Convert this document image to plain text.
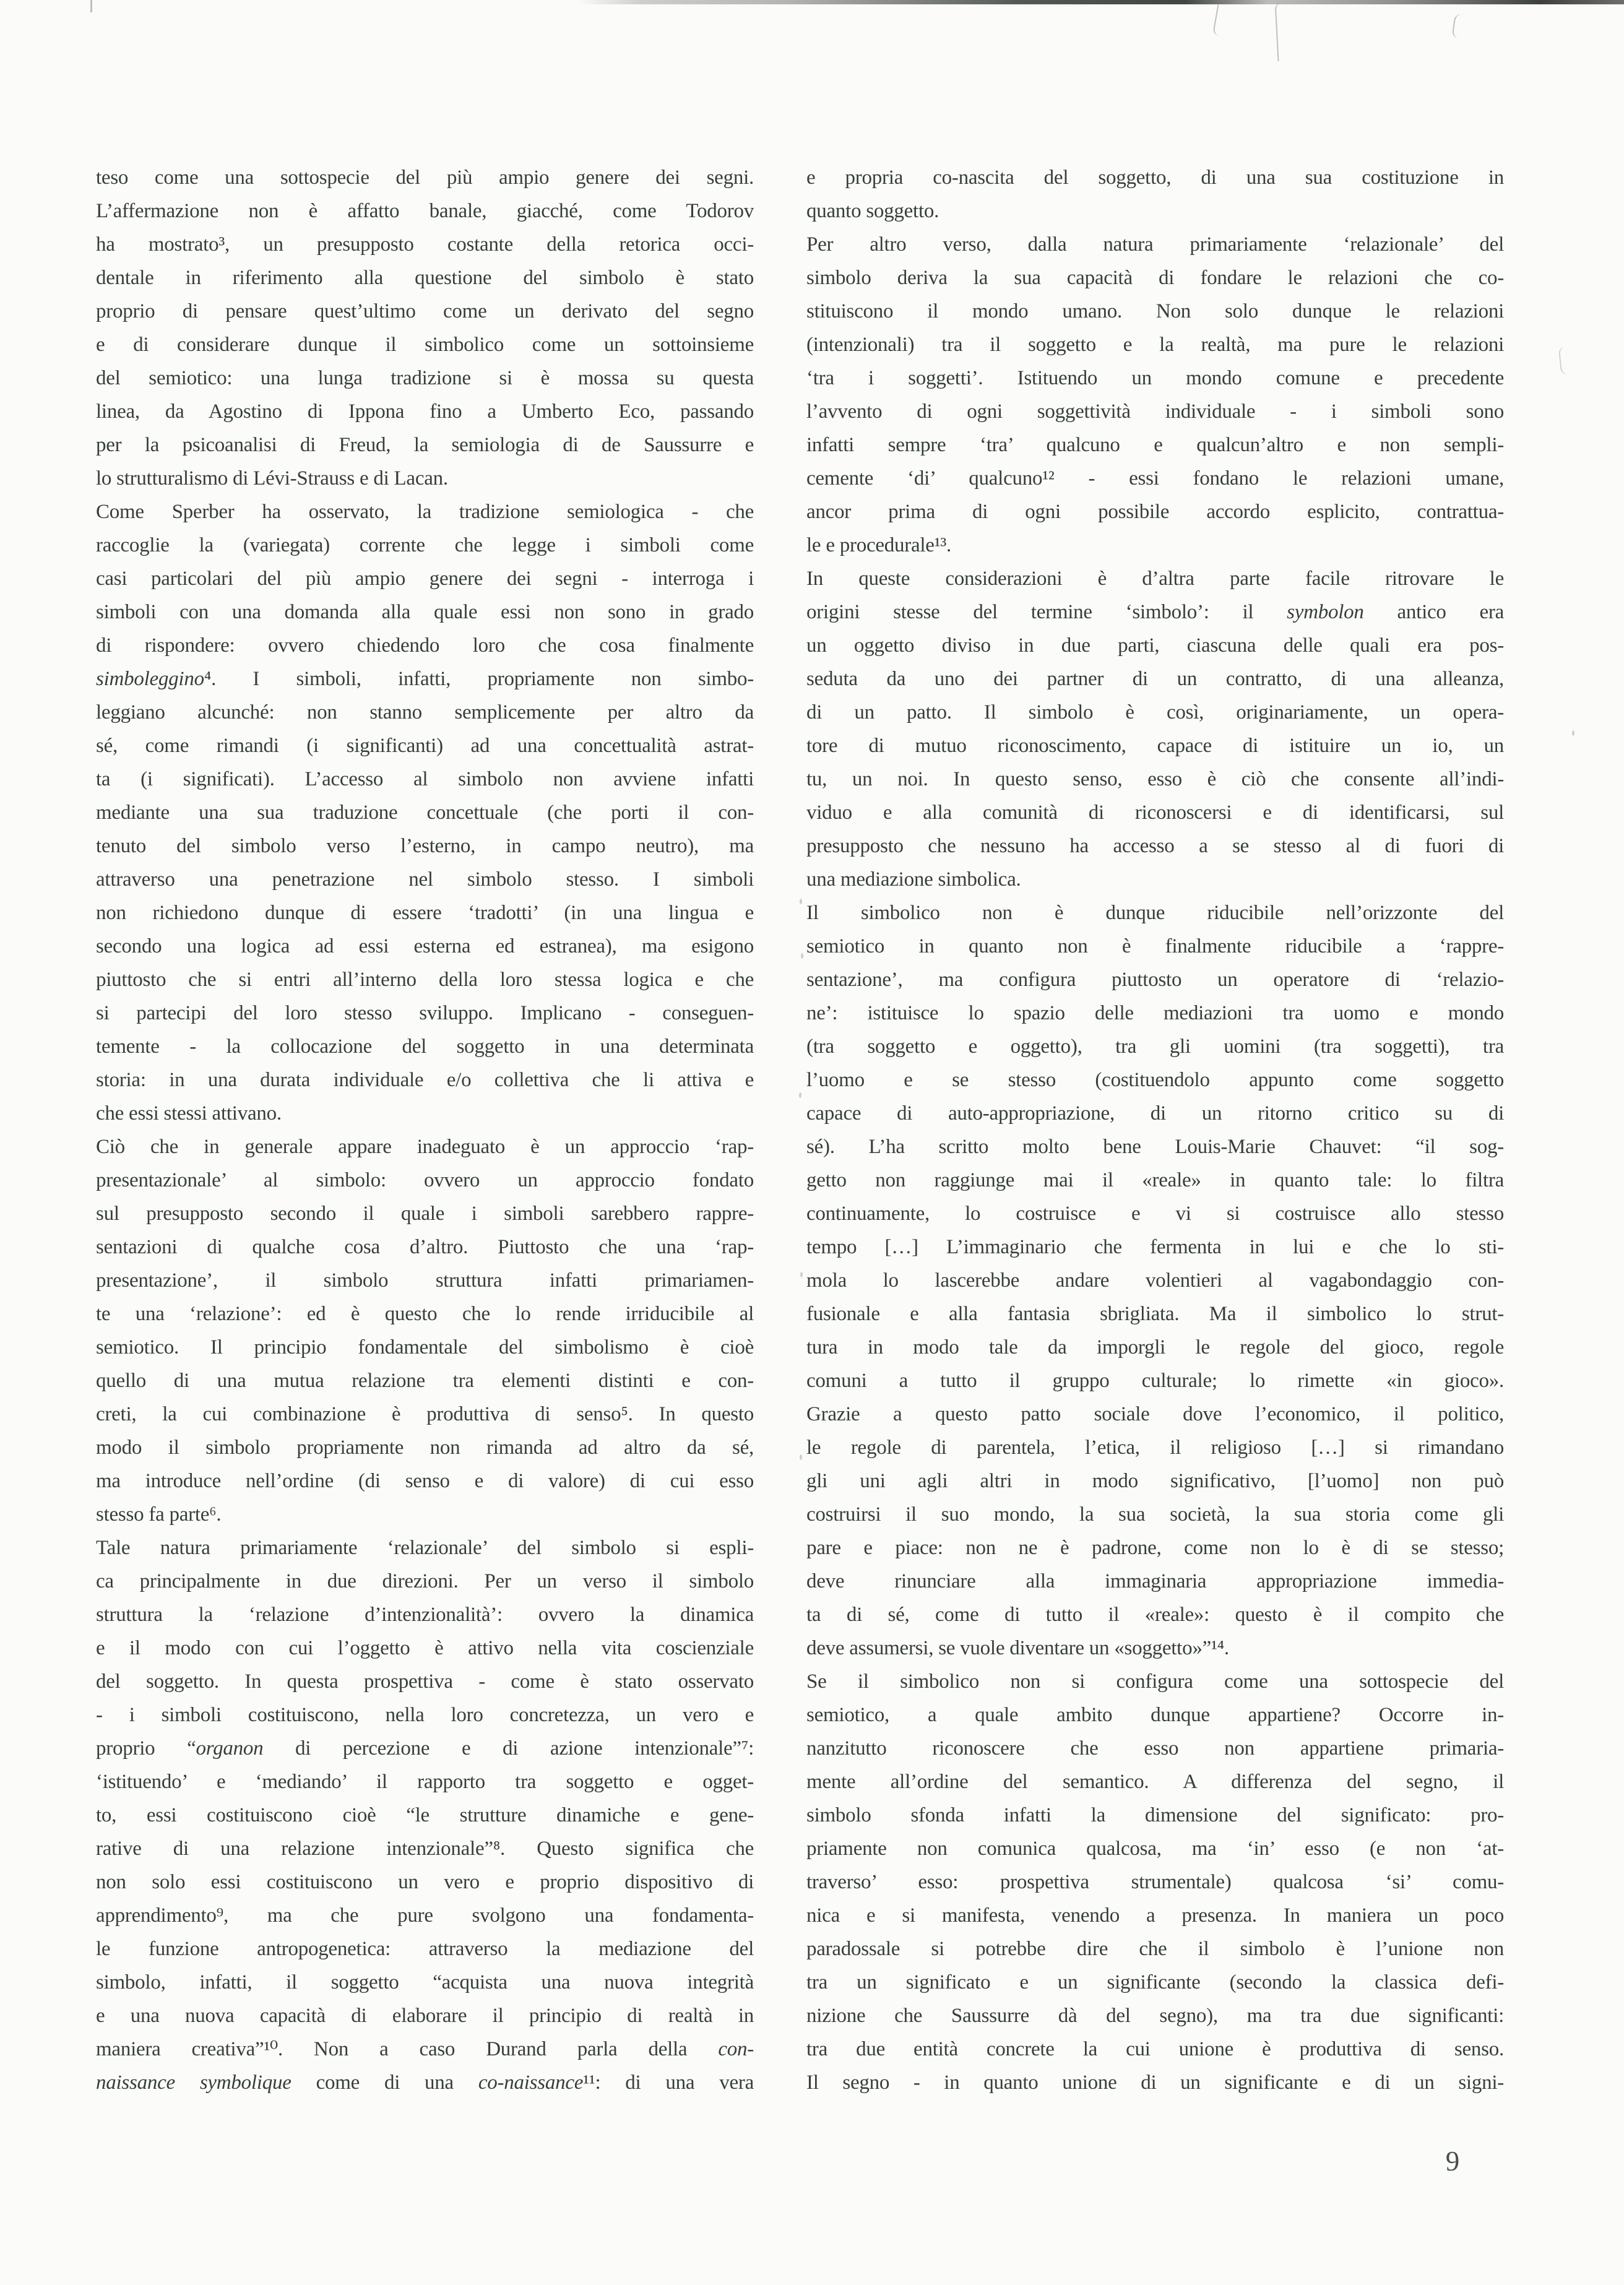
teso come una sottospecie del più ampio genere dei segni.
L’affermazione non è affatto banale, giacché, come Todorov
ha mostrato³, un presupposto costante della retorica occi-
dentale in riferimento alla questione del simbolo è stato
proprio di pensare quest’ultimo come un derivato del segno
e di considerare dunque il simbolico come un sottoinsieme
del semiotico: una lunga tradizione si è mossa su questa
linea, da Agostino di Ippona fino a Umberto Eco, passando
per la psicoanalisi di Freud, la semiologia di de Saussurre e
lo strutturalismo di Lévi-Strauss e di Lacan.
Come Sperber ha osservato, la tradizione semiologica - che
raccoglie la (variegata) corrente che legge i simboli come
casi particolari del più ampio genere dei segni - interroga i
simboli con una domanda alla quale essi non sono in grado
di rispondere: ovvero chiedendo loro che cosa finalmente
simboleggino⁴. I simboli, infatti, propriamente non simbo-
leggiano alcunché: non stanno semplicemente per altro da
sé, come rimandi (i significanti) ad una concettualità astrat-
ta (i significati). L’accesso al simbolo non avviene infatti
mediante una sua traduzione concettuale (che porti il con-
tenuto del simbolo verso l’esterno, in campo neutro), ma
attraverso una penetrazione nel simbolo stesso. I simboli
non richiedono dunque di essere ‘tradotti’ (in una lingua e
secondo una logica ad essi esterna ed estranea), ma esigono
piuttosto che si entri all’interno della loro stessa logica e che
si partecipi del loro stesso sviluppo. Implicano - conseguen-
temente - la collocazione del soggetto in una determinata
storia: in una durata individuale e/o collettiva che li attiva e
che essi stessi attivano.
Ciò che in generale appare inadeguato è un approccio ‘rap-
presentazionale’ al simbolo: ovvero un approccio fondato
sul presupposto secondo il quale i simboli sarebbero rappre-
sentazioni di qualche cosa d’altro. Piuttosto che una ‘rap-
presentazione’, il simbolo struttura infatti primariamen-
te una ‘relazione’: ed è questo che lo rende irriducibile al
semiotico. Il principio fondamentale del simbolismo è cioè
quello di una mutua relazione tra elementi distinti e con-
creti, la cui combinazione è produttiva di senso⁵. In questo
modo il simbolo propriamente non rimanda ad altro da sé,
ma introduce nell’ordine (di senso e di valore) di cui esso
stesso fa parte⁶.
Tale natura primariamente ‘relazionale’ del simbolo si espli-
ca principalmente in due direzioni. Per un verso il simbolo
struttura la ‘relazione d’intenzionalità’: ovvero la dinamica
e il modo con cui l’oggetto è attivo nella vita coscienziale
del soggetto. In questa prospettiva - come è stato osservato
- i simboli costituiscono, nella loro concretezza, un vero e
proprio “organon di percezione e di azione intenzionale”⁷:
‘istituendo’ e ‘mediando’ il rapporto tra soggetto e ogget-
to, essi costituiscono cioè “le strutture dinamiche e gene-
rative di una relazione intenzionale”⁸. Questo significa che
non solo essi costituiscono un vero e proprio dispositivo di
apprendimento⁹, ma che pure svolgono una fondamenta-
le funzione antropogenetica: attraverso la mediazione del
simbolo, infatti, il soggetto “acquista una nuova integrità
e una nuova capacità di elaborare il principio di realtà in
maniera creativa”¹⁰. Non a caso Durand parla della con-
naissance symbolique come di una co-naissance¹¹: di una vera
e propria co-nascita del soggetto, di una sua costituzione in
quanto soggetto.
Per altro verso, dalla natura primariamente ‘relazionale’ del
simbolo deriva la sua capacità di fondare le relazioni che co-
stituiscono il mondo umano. Non solo dunque le relazioni
(intenzionali) tra il soggetto e la realtà, ma pure le relazioni
‘tra i soggetti’. Istituendo un mondo comune e precedente
l’avvento di ogni soggettività individuale - i simboli sono
infatti sempre ‘tra’ qualcuno e qualcun’altro e non sempli-
cemente ‘di’ qualcuno¹² - essi fondano le relazioni umane,
ancor prima di ogni possibile accordo esplicito, contrattua-
le e procedurale¹³.
In queste considerazioni è d’altra parte facile ritrovare le
origini stesse del termine ‘simbolo’: il symbolon antico era
un oggetto diviso in due parti, ciascuna delle quali era pos-
seduta da uno dei partner di un contratto, di una alleanza,
di un patto. Il simbolo è così, originariamente, un opera-
tore di mutuo riconoscimento, capace di istituire un io, un
tu, un noi. In questo senso, esso è ciò che consente all’indi-
viduo e alla comunità di riconoscersi e di identificarsi, sul
presupposto che nessuno ha accesso a se stesso al di fuori di
una mediazione simbolica.
Il simbolico non è dunque riducibile nell’orizzonte del
semiotico in quanto non è finalmente riducibile a ‘rappre-
sentazione’, ma configura piuttosto un operatore di ‘relazio-
ne’: istituisce lo spazio delle mediazioni tra uomo e mondo
(tra soggetto e oggetto), tra gli uomini (tra soggetti), tra
l’uomo e se stesso (costituendolo appunto come soggetto
capace di auto-appropriazione, di un ritorno critico su di
sé). L’ha scritto molto bene Louis-Marie Chauvet: “il sog-
getto non raggiunge mai il «reale» in quanto tale: lo filtra
continuamente, lo costruisce e vi si costruisce allo stesso
tempo […] L’immaginario che fermenta in lui e che lo sti-
mola lo lascerebbe andare volentieri al vagabondaggio con-
fusionale e alla fantasia sbrigliata. Ma il simbolico lo strut-
tura in modo tale da imporgli le regole del gioco, regole
comuni a tutto il gruppo culturale; lo rimette «in gioco».
Grazie a questo patto sociale dove l’economico, il politico,
le regole di parentela, l’etica, il religioso […] si rimandano
gli uni agli altri in modo significativo, [l’uomo] non può
costruirsi il suo mondo, la sua società, la sua storia come gli
pare e piace: non ne è padrone, come non lo è di se stesso;
deve rinunciare alla immaginaria appropriazione immedia-
ta di sé, come di tutto il «reale»: questo è il compito che
deve assumersi, se vuole diventare un «soggetto»”¹⁴.
Se il simbolico non si configura come una sottospecie del
semiotico, a quale ambito dunque appartiene? Occorre in-
nanzitutto riconoscere che esso non appartiene primaria-
mente all’ordine del semantico. A differenza del segno, il
simbolo sfonda infatti la dimensione del significato: pro-
priamente non comunica qualcosa, ma ‘in’ esso (e non ‘at-
traverso’ esso: prospettiva strumentale) qualcosa ‘si’ comu-
nica e si manifesta, venendo a presenza. In maniera un poco
paradossale si potrebbe dire che il simbolo è l’unione non
tra un significato e un significante (secondo la classica defi-
nizione che Saussurre dà del segno), ma tra due significanti:
tra due entità concrete la cui unione è produttiva di senso.
Il segno - in quanto unione di un significante e di un signi-
9
